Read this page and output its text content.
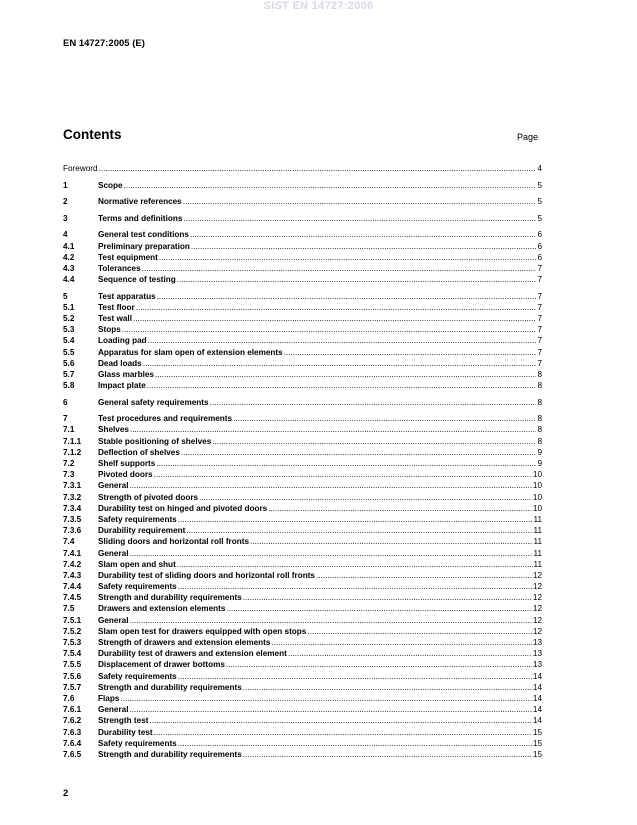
SIST EN 14727:2006
EN 14727:2005 (E)
Contents	Page
Foreword .....	4
1	Scope .....	5
2	Normative references .....	5
3	Terms and definitions .....	5
4	General test conditions .....	6
4.1	Preliminary preparation .....	6
4.2	Test equipment .....	6
4.3	Tolerances .....	7
4.4	Sequence of testing .....	7
5	Test apparatus .....	7
5.1	Test floor .....	7
5.2	Test wall .....	7
5.3	Stops .....	7
5.4	Loading pad .....	7
5.5	Apparatus for slam open of extension elements .....	7
5.6	Dead loads .....	7
5.7	Glass marbles .....	8
5.8	Impact plate .....	8
6	General safety requirements .....	8
7	Test procedures and requirements .....	8
7.1	Shelves .....	8
7.1.1 Stable positioning of shelves .....	8
7.1.2 Deflection of shelves .....	9
7.2	Shelf supports .....	9
7.3	Pivoted doors .....	10
7.3.1 General .....	10
7.3.2 Strength of pivoted doors .....	10
7.3.4 Durability test on hinged and pivoted doors .....	10
7.3.5 Safety requirements .....	11
7.3.6 Durability requirement .....	11
7.4	Sliding doors and horizontal roll fronts .....	11
7.4.1 General .....	11
7.4.2 Slam open and shut .....	11
7.4.3 Durability test of sliding doors and horizontal roll fronts .....	12
7.4.4 Safety requirements .....	12
7.4.5 Strength and durability requirements .....	12
7.5	Drawers and extension elements .....	12
7.5.1 General .....	12
7.5.2 Slam open test for drawers equipped with open stops .....	12
7.5.3 Strength of drawers and extension elements .....	13
7.5.4 Durability test of drawers and extension element .....	13
7.5.5 Displacement of drawer bottoms .....	13
7.5.6 Safety requirements .....	14
7.5.7 Strength and durability requirements .....	14
7.6	Flaps .....	14
7.6.1 General .....	14
7.6.2 Strength test .....	14
7.6.3 Durability test .....	15
7.6.4 Safety requirements .....	15
7.6.5 Strength and durability requirements .....	15
2
